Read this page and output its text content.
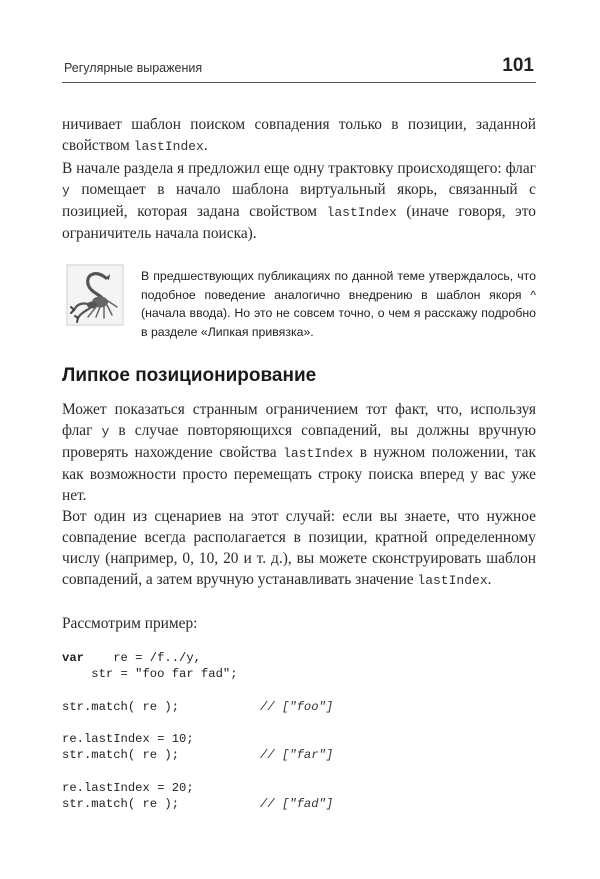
Регулярные выражения	101

ничивает шаблон поиском совпадения только в позиции, заданной свойством lastIndex.

В начале раздела я предложил еще одну трактовку происходящего: флаг y помещает в начало шаблона виртуальный якорь, связанный с позицией, которая задана свойством lastIndex (иначе говоря, это ограничитель начала поиска).

В предшествующих публикациях по данной теме утверждалось, что подобное поведение аналогично внедрению в шаблон якоря ^ (начала ввода). Но это не совсем точно, о чем я расскажу подробно в разделе «Липкая привязка».

Липкое позиционирование

Может показаться странным ограничением тот факт, что, используя флаг y в случае повторяющихся совпадений, вы должны вручную проверять нахождение свойства lastIndex в нужном положении, так как возможности просто перемещать строку поиска вперед у вас уже нет.

Вот один из сценариев на этот случай: если вы знаете, что нужное совпадение всегда располагается в позиции, кратной определенному числу (например, 0, 10, 20 и т. д.), вы можете сконструировать шаблон совпадений, а затем вручную устанавливать значение lastIndex.

Рассмотрим пример:

var    re = /f../y,
str = "foo far fad";

str.match( re );	// ["foo"]

re.lastIndex = 10;
str.match( re );	// ["far"]

re.lastIndex = 20;
str.match( re );	// ["fad"]
